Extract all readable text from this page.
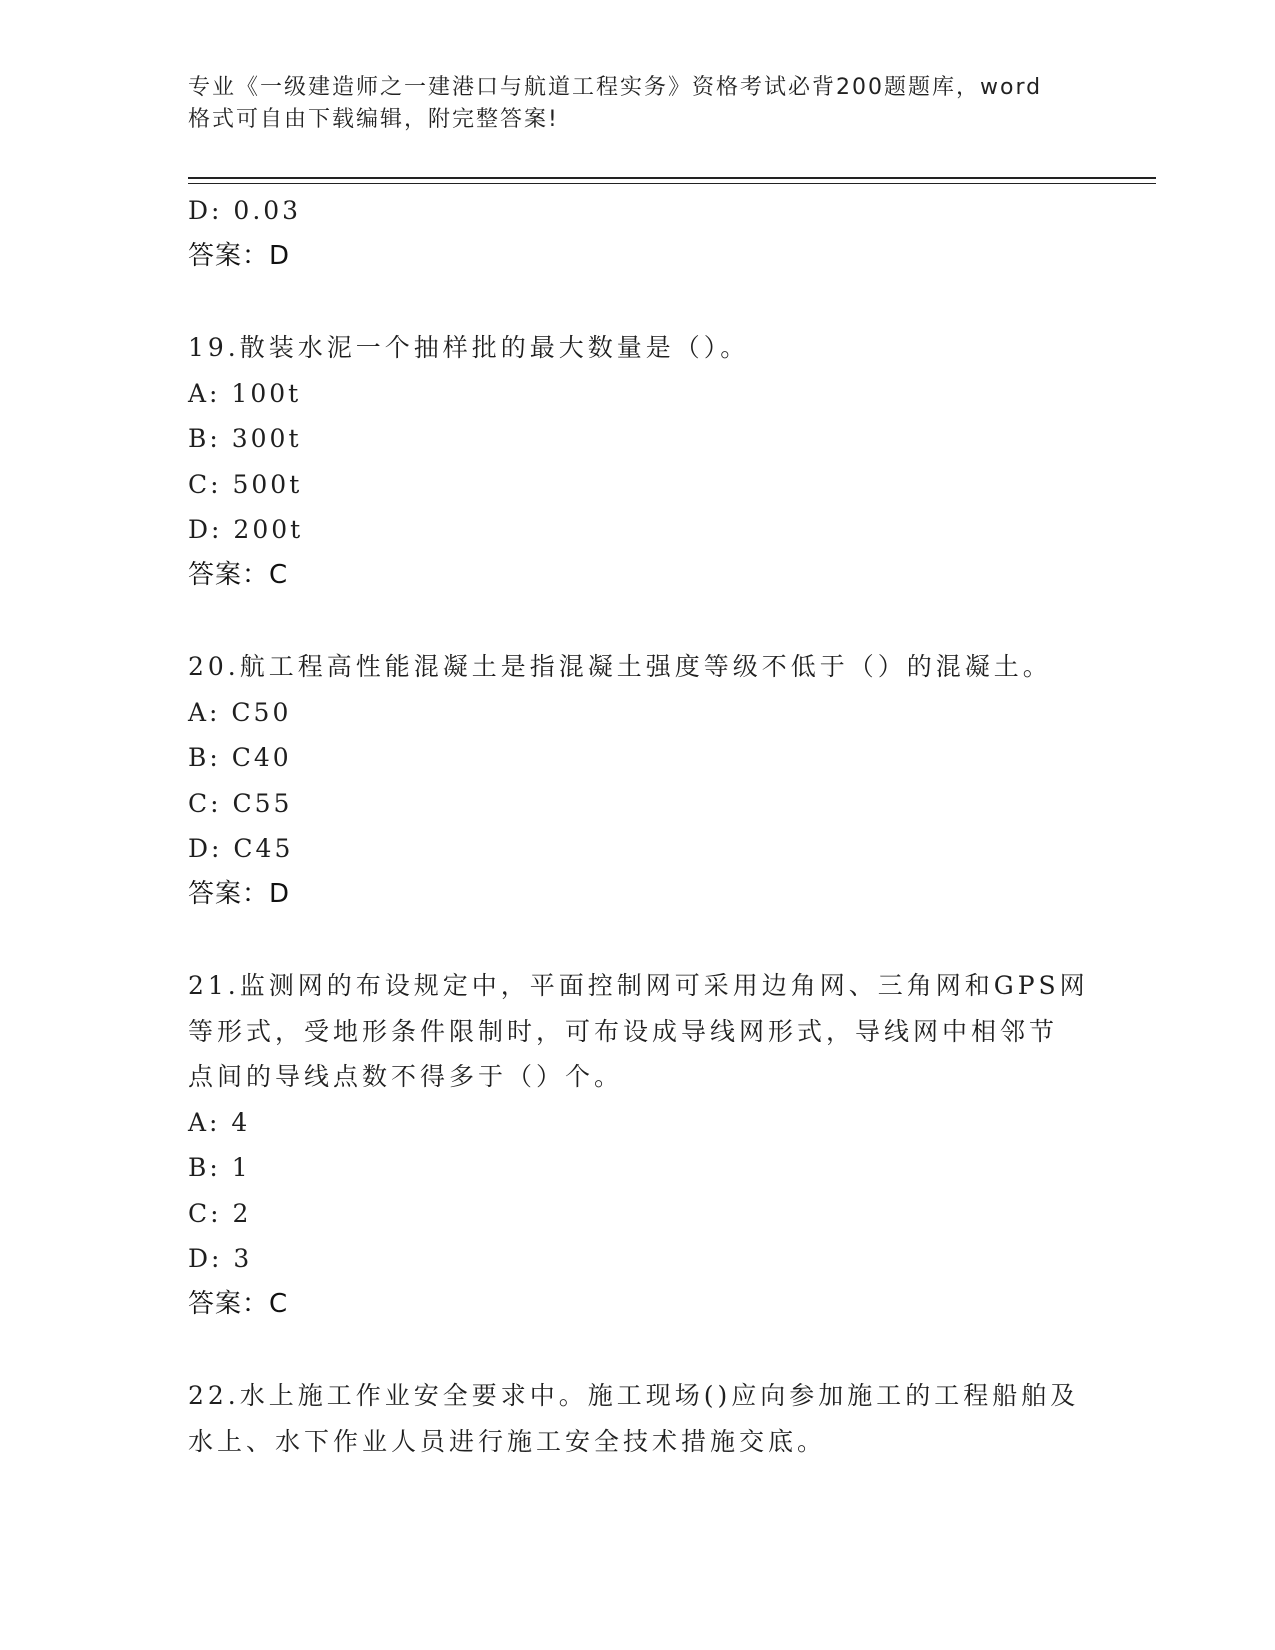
专业《一级建造师之一建港口与航道工程实务》资格考试必背200题题库，word
格式可自由下载编辑，附完整答案!
D: 0.03
答案：D
19.散装水泥一个抽样批的最大数量是（）。
A: 100t
B: 300t
C: 500t
D: 200t
答案：C
20.航工程高性能混凝土是指混凝土强度等级不低于（）的混凝土。
A: C50
B: C40
C: C55
D: C45
答案：D
21.监测网的布设规定中，平面控制网可采用边角网、三角网和GPS网
等形式，受地形条件限制时，可布设成导线网形式，导线网中相邻节
点间的导线点数不得多于（）个。
A: 4
B: 1
C: 2
D: 3
答案：C
22.水上施工作业安全要求中。施工现场()应向参加施工的工程船舶及
水上、水下作业人员进行施工安全技术措施交底。
